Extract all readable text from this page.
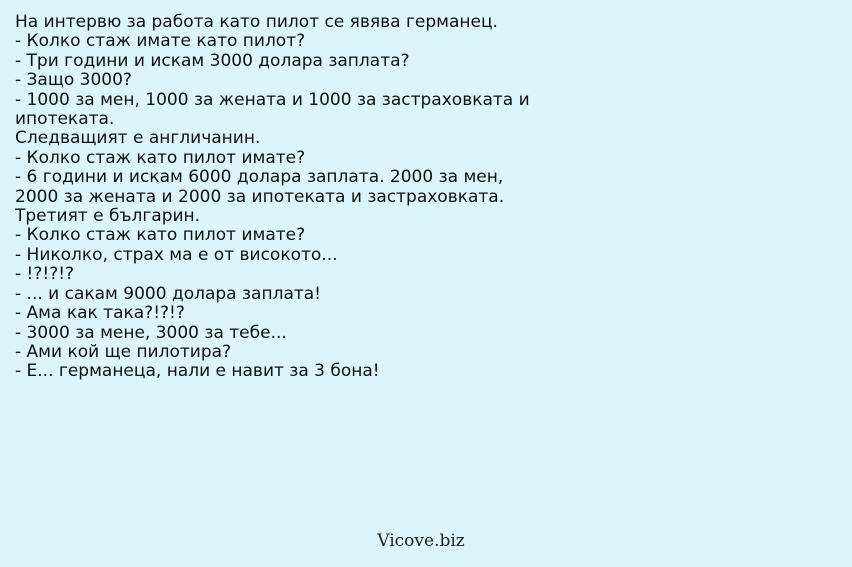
На интервю за работа като пилот се явява германец.
- Колко стаж имате като пилот?
- Три години и искам 3000 долара заплата?
- Защо 3000?
- 1000 за мен, 1000 за жената и 1000 за застраховката и
ипотеката.
Следващият е англичанин.
- Колко стаж като пилот имате?
- 6 години и искам 6000 долара заплата. 2000 за мен,
2000 за жената и 2000 за ипотеката и застраховката.
Третият е българин.
- Колко стаж като пилот имате?
- Николко, страх ма е от високото...
- !?!?!?
- ... и сакам 9000 долара заплата!
- Ама как така?!?!?
- 3000 за мене, 3000 за тебе...
- Ами кой ще пилотира?
- Е... германеца, нали е навит за 3 бона!
Vicove.biz
